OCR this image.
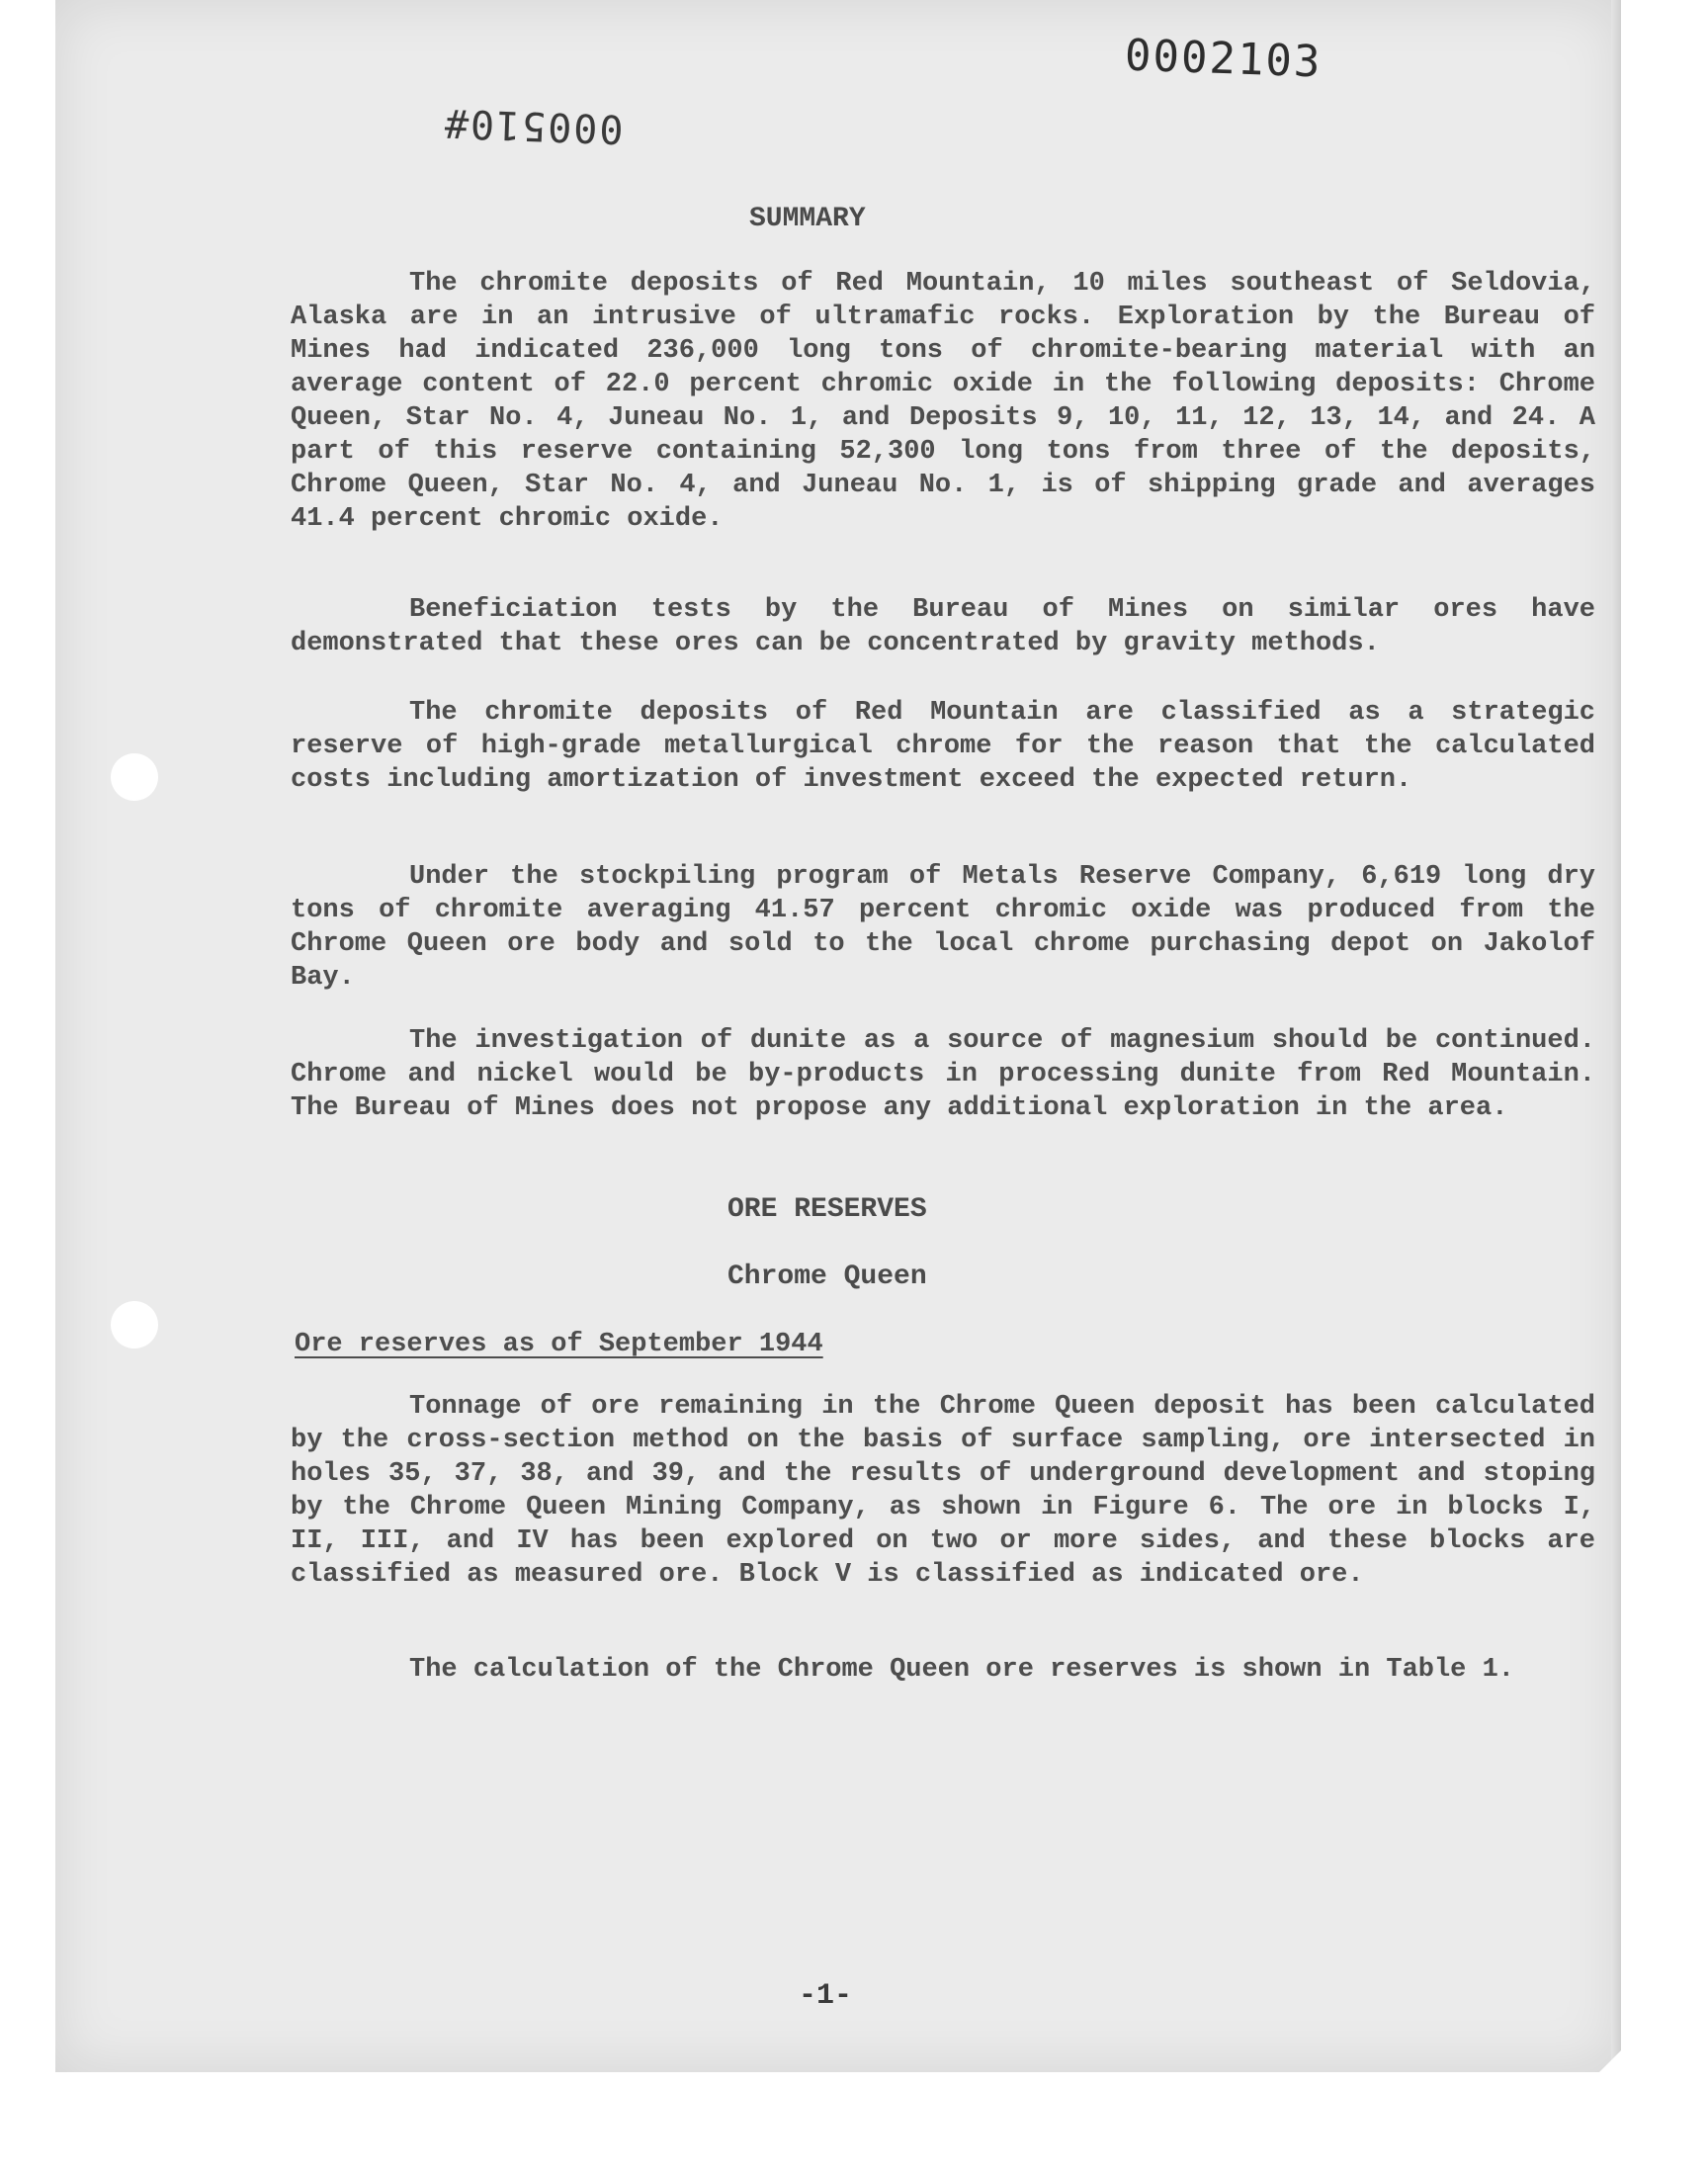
0002103
000510#
SUMMARY

The chromite deposits of Red Mountain, 10 miles southeast of Seldovia, Alaska are in an intrusive of ultramafic rocks. Exploration by the Bureau of Mines had indicated 236,000 long tons of chromite-bearing material with an average content of 22.0 percent chromic oxide in the following deposits: Chrome Queen, Star No. 4, Juneau No. 1, and Deposits 9, 10, 11, 12, 13, 14, and 24. A part of this reserve containing 52,300 long tons from three of the deposits, Chrome Queen, Star No. 4, and Juneau No. 1, is of shipping grade and averages 41.4 percent chromic oxide.

Beneficiation tests by the Bureau of Mines on similar ores have demonstrated that these ores can be concentrated by gravity methods.

The chromite deposits of Red Mountain are classified as a strategic reserve of high-grade metallurgical chrome for the reason that the calculated costs including amortization of investment exceed the expected return.

Under the stockpiling program of Metals Reserve Company, 6,619 long dry tons of chromite averaging 41.57 percent chromic oxide was produced from the Chrome Queen ore body and sold to the local chrome purchasing depot on Jakolof Bay.

The investigation of dunite as a source of magnesium should be continued. Chrome and nickel would be by-products in processing dunite from Red Mountain. The Bureau of Mines does not propose any additional exploration in the area.

ORE RESERVES
Chrome Queen
Ore reserves as of September 1944

Tonnage of ore remaining in the Chrome Queen deposit has been calculated by the cross-section method on the basis of surface sampling, ore intersected in holes 35, 37, 38, and 39, and the results of underground development and stoping by the Chrome Queen Mining Company, as shown in Figure 6. The ore in blocks I, II, III, and IV has been explored on two or more sides, and these blocks are classified as measured ore. Block V is classified as indicated ore.

The calculation of the Chrome Queen ore reserves is shown in Table 1.

-1-
